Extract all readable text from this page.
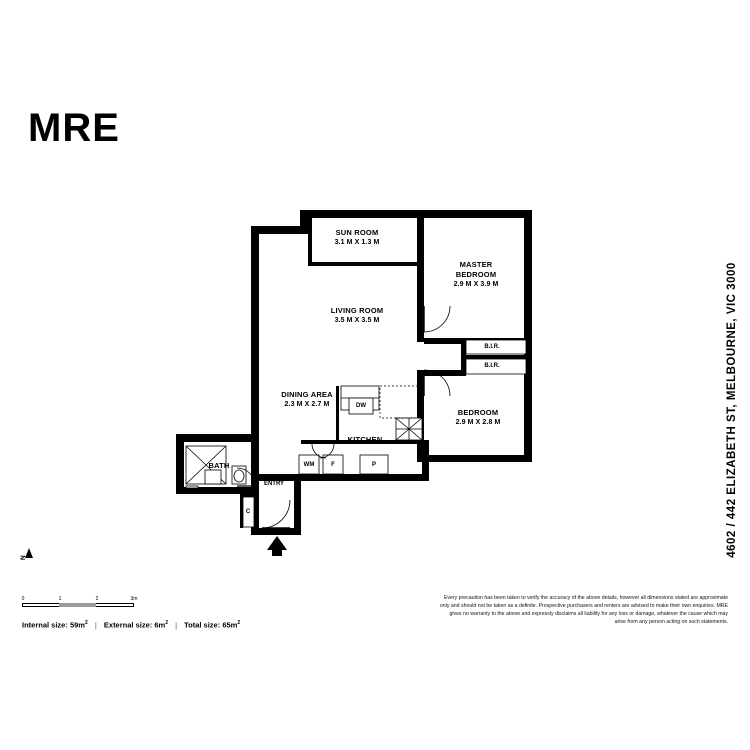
MRE
4602 / 442 ELIZABETH ST, MELBOURNE, VIC 3000
SUN ROOM
3.1 M X 1.3 M
MASTER
BEDROOM
2.9 M X 3.9 M
LIVING ROOM
3.5 M X 3.5 M
DINING AREA
2.3 M X 2.7 M
BEDROOM
2.9 M X 2.8 M
KITCHEN
BATH
B.I.R.
B.I.R.
DW
WM	F	P
C
ENTRY
N
0	1	2	3m
Internal size: $59m^2$ | External size: $6m^2$ | Total size: $65m^2$
Every precaution has been taken to verify the accuracy of the above details, however all dimensions stated are approximate only and should not be taken as a definite. Prospective purchasers and renters are advised to make their own enquiries. MRE gives no warranty to the above and expressly disclaims all liability for any loss or damage, whatever the cause which may arise from any person acting on such statements.
